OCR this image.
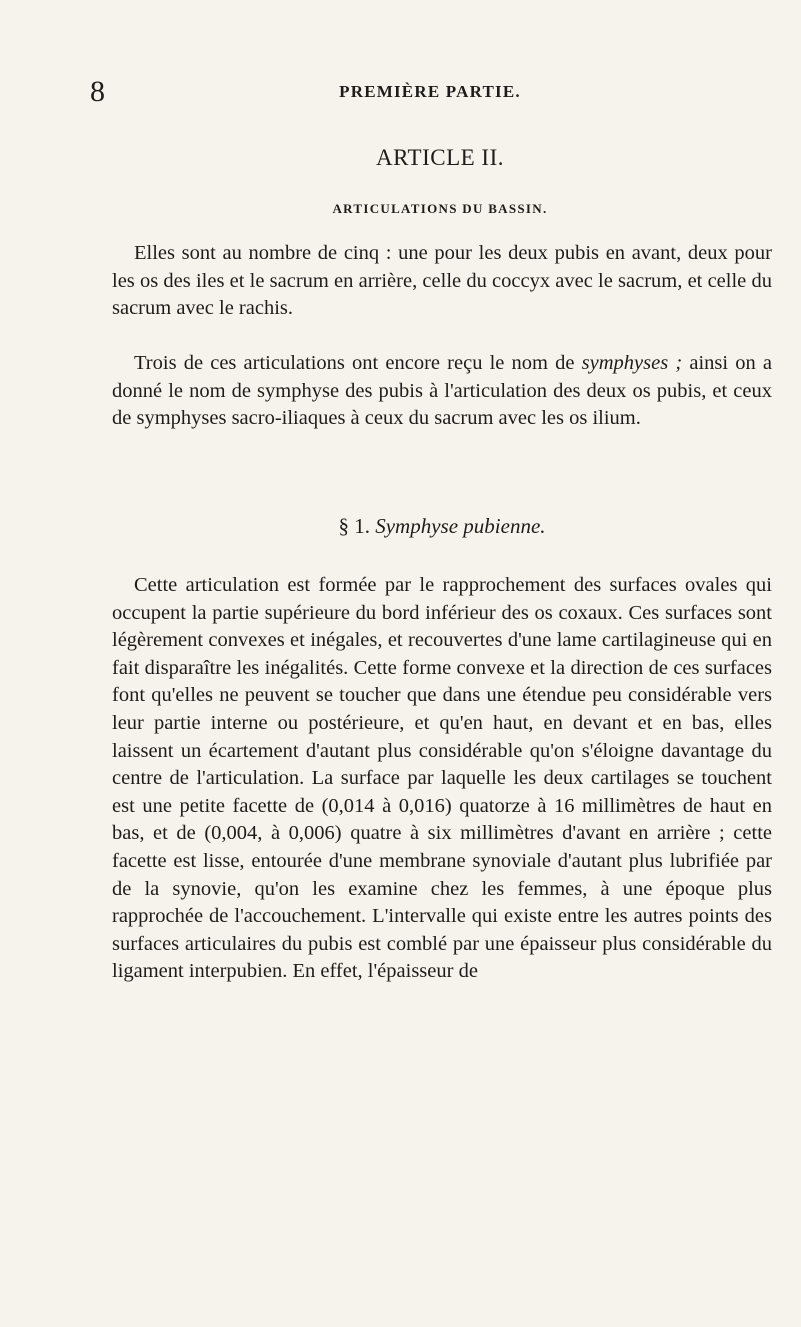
8	PREMIÈRE PARTIE.
ARTICLE II.
ARTICULATIONS DU BASSIN.

Elles sont au nombre de cinq : une pour les deux pubis en avant, deux pour les os des iles et le sacrum en arrière, celle du coccyx avec le sacrum, et celle du sacrum avec le rachis.

Trois de ces articulations ont encore reçu le nom de symphyses ; ainsi on a donné le nom de symphyse des pubis à l'articulation des deux os pubis, et ceux de symphyses sacro-iliaques à ceux du sacrum avec les os ilium.

§ 1. Symphyse pubienne.

Cette articulation est formée par le rapprochement des surfaces ovales qui occupent la partie supérieure du bord inférieur des os coxaux. Ces surfaces sont légèrement convexes et inégales, et recouvertes d'une lame cartilagineuse qui en fait disparaître les inégalités. Cette forme convexe et la direction de ces surfaces font qu'elles ne peuvent se toucher que dans une étendue peu considérable vers leur partie interne ou postérieure, et qu'en haut, en devant et en bas, elles laissent un écartement d'autant plus considérable qu'on s'éloigne davantage du centre de l'articulation. La surface par laquelle les deux cartilages se touchent est une petite facette de (0,014 à 0,016) quatorze à 16 millimètres de haut en bas, et de (0,004, à 0,006) quatre à six millimètres d'avant en arrière ; cette facette est lisse, entourée d'une membrane synoviale d'autant plus lubrifiée par de la synovie, qu'on les examine chez les femmes, à une époque plus rapprochée de l'accouchement. L'intervalle qui existe entre les autres points des surfaces articulaires du pubis est comblé par une épaisseur plus considérable du ligament interpubien. En effet, l'épaisseur de
